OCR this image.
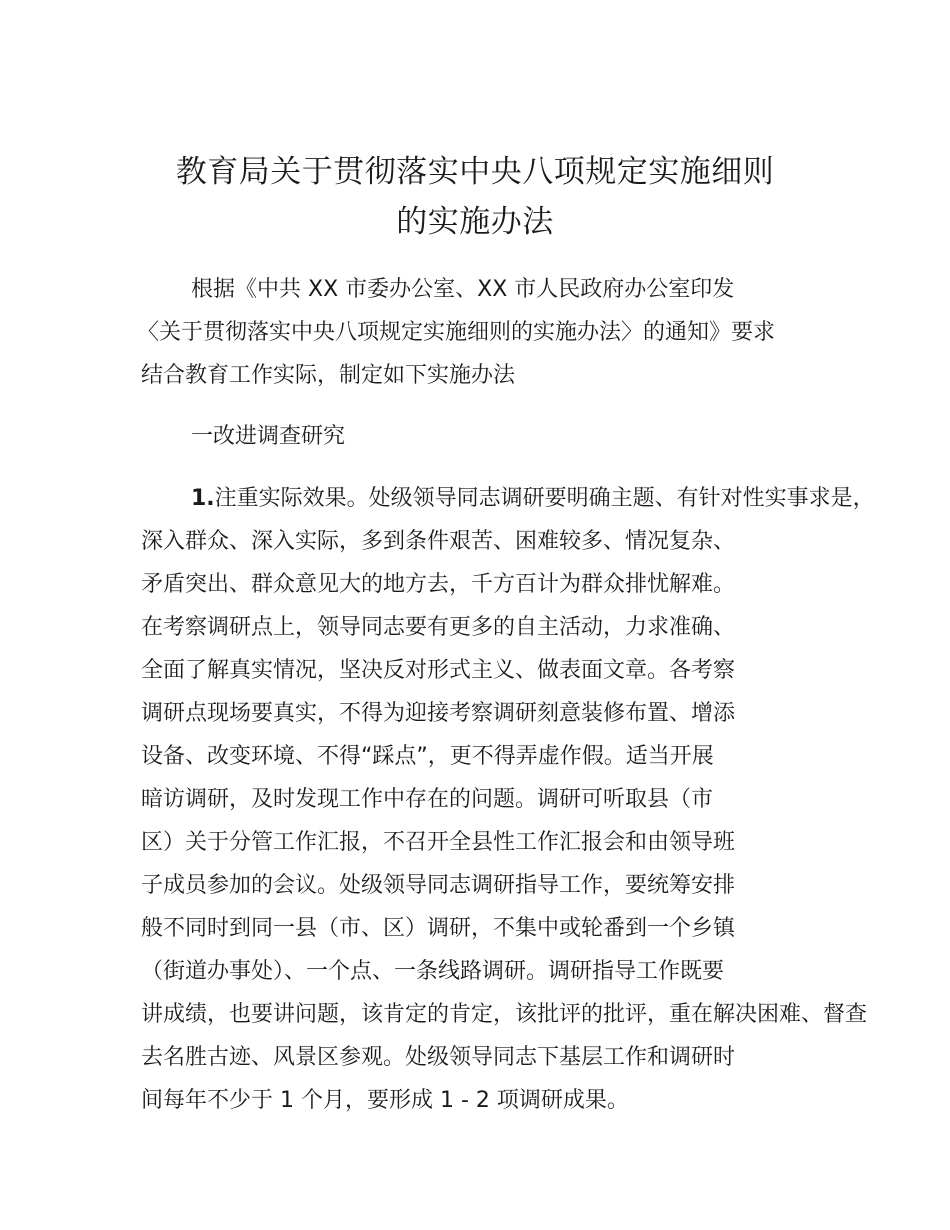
教育局关于贯彻落实中央八项规定实施细则
的实施办法
根据《中共 XX 市委办公室、XX 市人民政府办公室印发
〈关于贯彻落实中央八项规定实施细则的实施办法〉的通知》要求
结合教育工作实际，制定如下实施办法
一改进调查研究
1.注重实际效果。处级领导同志调研要明确主题、有针对性实事求是，
深入群众、深入实际，多到条件艰苦、困难较多、情况复杂、
矛盾突出、群众意见大的地方去，千方百计为群众排忧解难。
在考察调研点上，领导同志要有更多的自主活动，力求准确、
全面了解真实情况，坚决反对形式主义、做表面文章。各考察
调研点现场要真实，不得为迎接考察调研刻意装修布置、增添
设备、改变环境、不得“踩点”，更不得弄虚作假。适当开展
暗访调研，及时发现工作中存在的问题。调研可听取县（市
区）关于分管工作汇报，不召开全县性工作汇报会和由领导班
子成员参加的会议。处级领导同志调研指导工作，要统筹安排
般不同时到同一县（市、区）调研，不集中或轮番到一个乡镇
（街道办事处）、一个点、一条线路调研。调研指导工作既要
讲成绩，也要讲问题，该肯定的肯定，该批评的批评，重在解决困难、督查
去名胜古迹、风景区参观。处级领导同志下基层工作和调研时
间每年不少于 1 个月，要形成 1 - 2 项调研成果。
